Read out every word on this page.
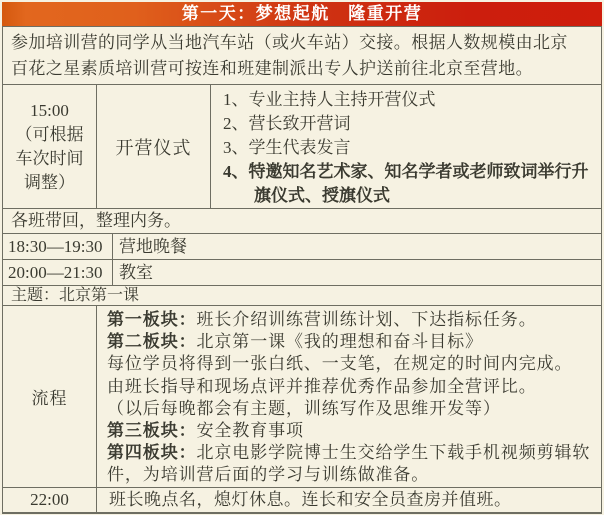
第一天：梦想起航　隆重开营
参加培训营的同学从当地汽车站（或火车站）交接。根据人数规模由北京百花之星素质培训营可按连和班建制派出专人护送前往北京至营地。
15:00
（可根据
车次时间
调整）
开营仪式
1、专业主持人主持开营仪式
2、营长致开营词
3、学生代表发言
4、特邀知名艺术家、知名学者或老师致词举行升旗仪式、授旗仪式
各班带回，整理内务。
18:30—19:30 营地晚餐
20:00—21:30 教室
主题：北京第一课
流程
第一板块：班长介绍训练营训练计划、下达指标任务。
第二板块：北京第一课《我的理想和奋斗目标》
每位学员将得到一张白纸、一支笔，在规定的时间内完成。
由班长指导和现场点评并推荐优秀作品参加全营评比。
（以后每晚都会有主题，训练写作及思维开发等）
第三板块：安全教育事项
第四板块：北京电影学院博士生交给学生下载手机视频剪辑软件，为培训营后面的学习与训练做准备。
22:00	班长晚点名，熄灯休息。连长和安全员查房并值班。
